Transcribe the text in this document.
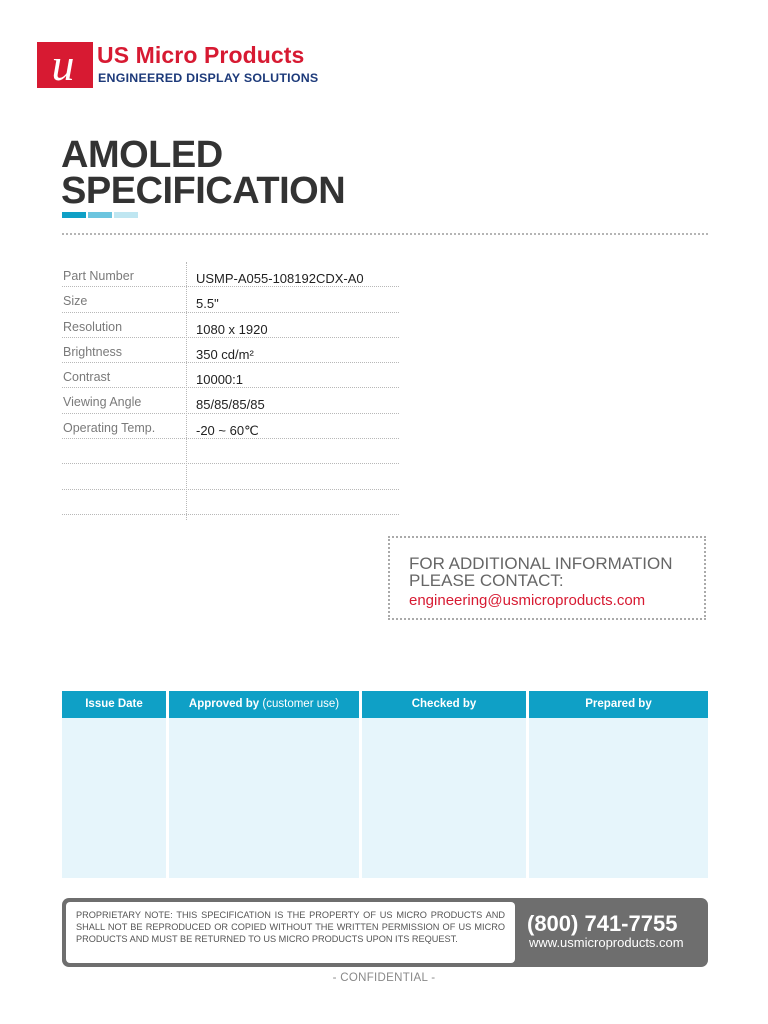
u US Micro Products
ENGINEERED DISPLAY SOLUTIONS
AMOLED
SPECIFICATION
Part Number	USMP-A055-108192CDX-A0
Size	5.5"
Resolution	1080 x 1920
Brightness	350 cd/m²
Contrast	10000:1
Viewing Angle	85/85/85/85
Operating Temp.	-20 ~ 60℃
FOR ADDITIONAL INFORMATION
PLEASE CONTACT:
engineering@usmicroproducts.com
Issue Date	Approved by (customer use)	Checked by	Prepared by
PROPRIETARY NOTE: THIS SPECIFICATION IS THE PROPERTY OF US MICRO PRODUCTS AND SHALL NOT BE REPRODUCED OR COPIED WITHOUT THE WRITTEN PERMISSION OF US MICRO PRODUCTS AND MUST BE RETURNED TO US MICRO PRODUCTS UPON ITS REQUEST.
(800) 741-7755
www.usmicroproducts.com
- CONFIDENTIAL -
